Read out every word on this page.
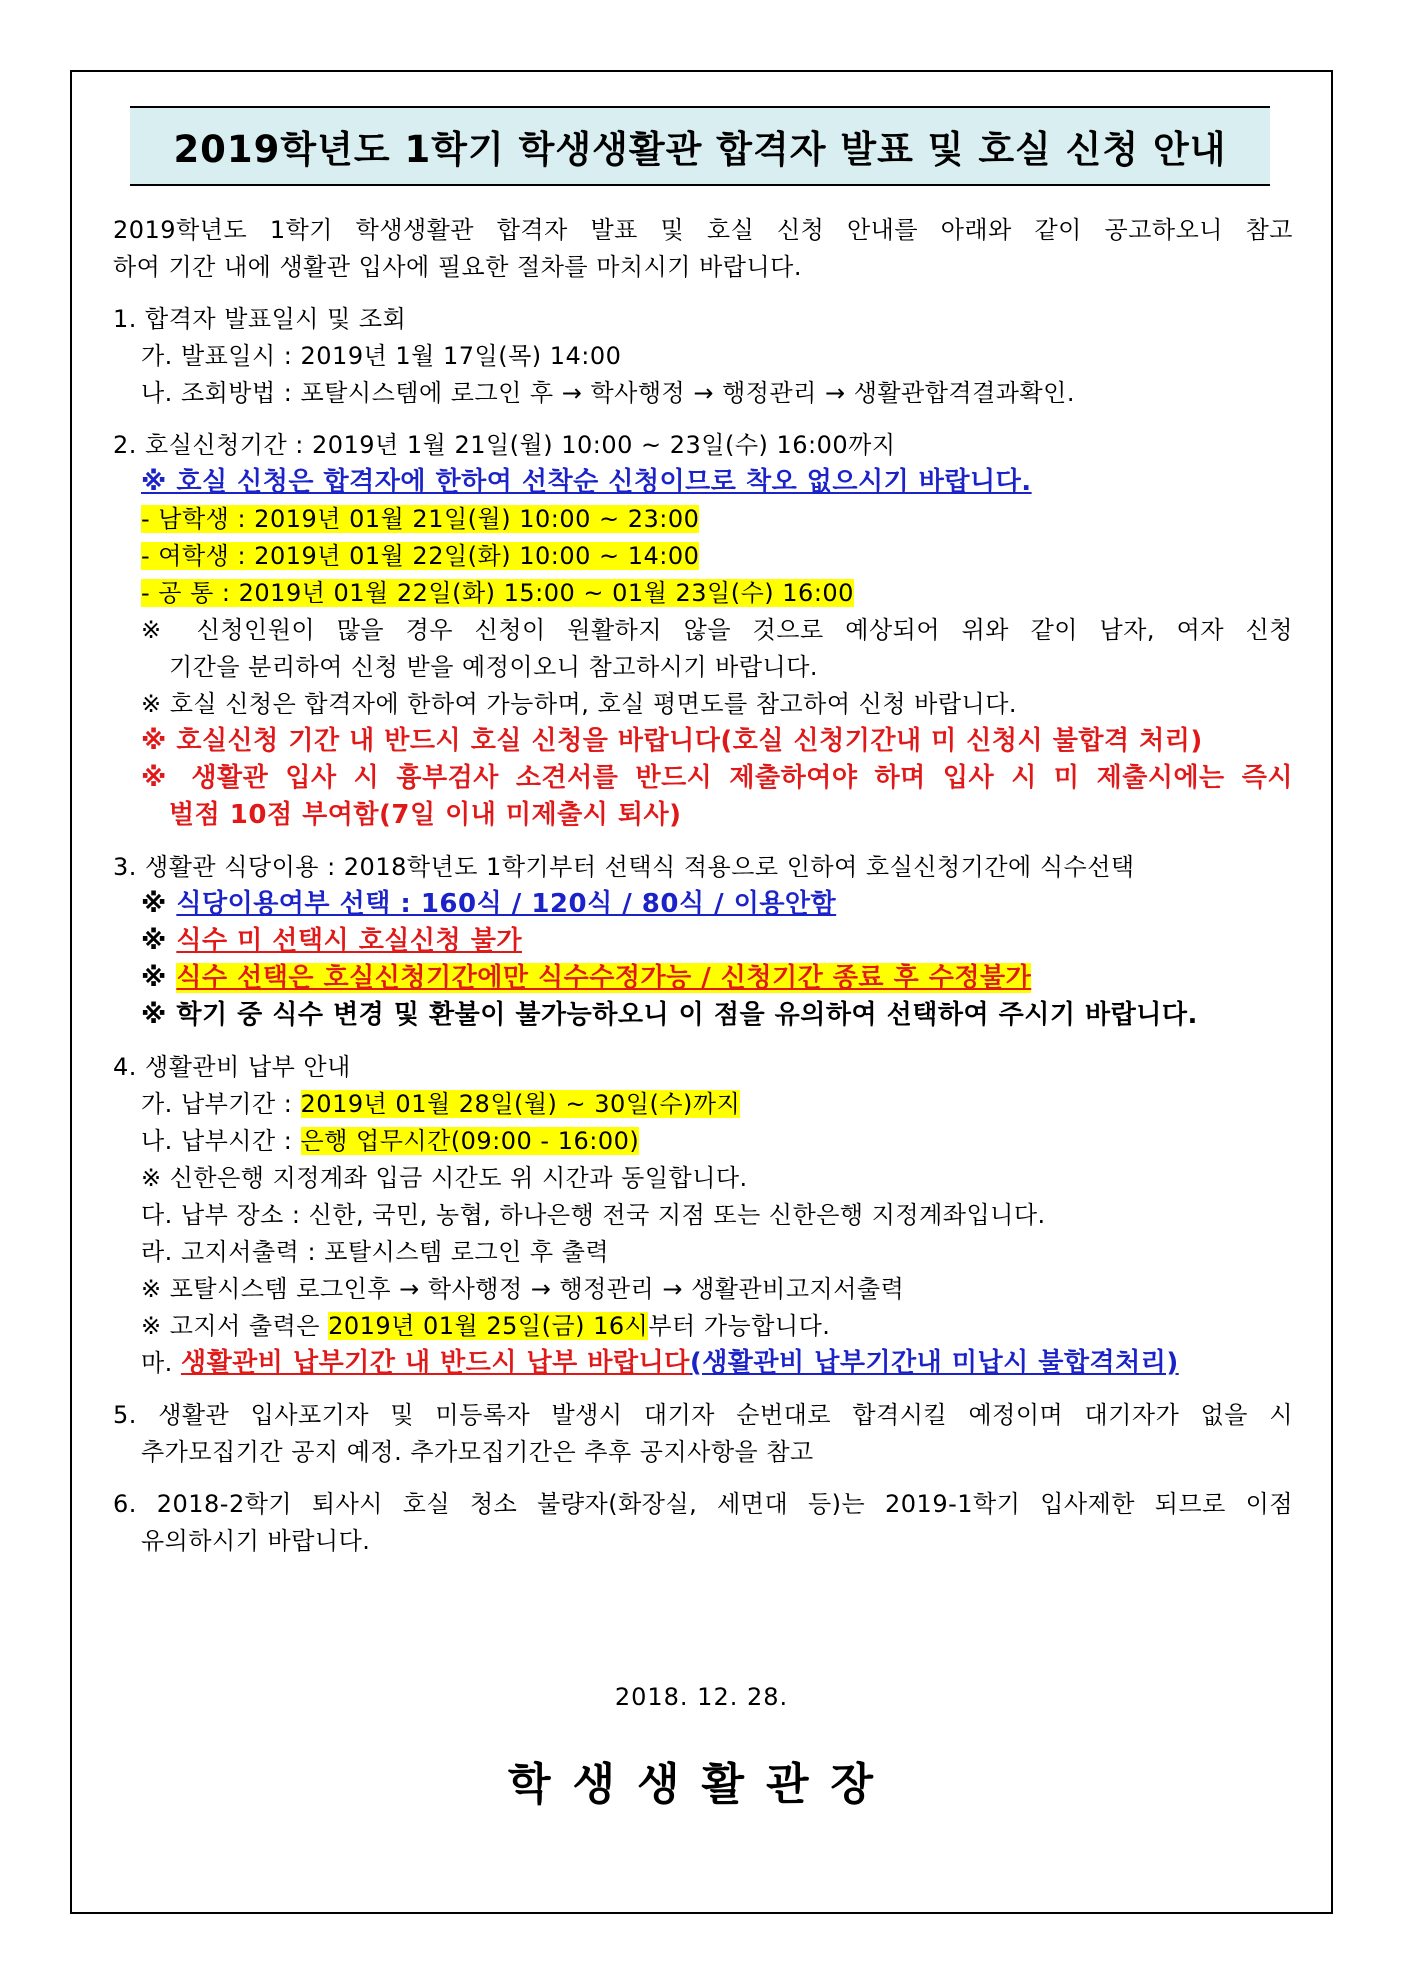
2019학년도 1학기 학생생활관 합격자 발표 및 호실 신청 안내
2019학년도 1학기 학생생활관 합격자 발표 및 호실 신청 안내를 아래와 같이 공고하오니 참고
하여 기간 내에 생활관 입사에 필요한 절차를 마치시기 바랍니다.
1. 합격자 발표일시 및 조회
가. 발표일시 : 2019년 1월 17일(목) 14:00
나. 조회방법 : 포탈시스템에 로그인 후 → 학사행정 → 행정관리 → 생활관합격결과확인.
2. 호실신청기간 : 2019년 1월 21일(월) 10:00 ~ 23일(수) 16:00까지
※ 호실 신청은 합격자에 한하여 선착순 신청이므로 착오 없으시기 바랍니다.
- 남학생 : 2019년 01월 21일(월) 10:00 ~ 23:00
- 여학생 : 2019년 01월 22일(화) 10:00 ~ 14:00
- 공 통 : 2019년 01월 22일(화) 15:00 ~ 01월 23일(수) 16:00
※ 신청인원이 많을 경우 신청이 원활하지 않을 것으로 예상되어 위와 같이 남자, 여자 신청
기간을 분리하여 신청 받을 예정이오니 참고하시기 바랍니다.
※ 호실 신청은 합격자에 한하여 가능하며, 호실 평면도를 참고하여 신청 바랍니다.
※ 호실신청 기간 내 반드시 호실 신청을 바랍니다(호실 신청기간내 미 신청시 불합격 처리)
※ 생활관 입사 시 흉부검사 소견서를 반드시 제출하여야 하며 입사 시 미 제출시에는 즉시
벌점 10점 부여함(7일 이내 미제출시 퇴사)
3. 생활관 식당이용 : 2018학년도 1학기부터 선택식 적용으로 인하여 호실신청기간에 식수선택
※ 식당이용여부 선택 : 160식 / 120식 / 80식 / 이용안함
※ 식수 미 선택시 호실신청 불가
※ 식수 선택은 호실신청기간에만 식수수정가능 / 신청기간 종료 후 수정불가
※ 학기 중 식수 변경 및 환불이 불가능하오니 이 점을 유의하여 선택하여 주시기 바랍니다.
4. 생활관비 납부 안내
가. 납부기간 : 2019년 01월 28일(월) ~ 30일(수)까지
나. 납부시간 : 은행 업무시간(09:00 - 16:00)
※ 신한은행 지정계좌 입금 시간도 위 시간과 동일합니다.
다. 납부 장소 : 신한, 국민, 농협, 하나은행 전국 지점 또는 신한은행 지정계좌입니다.
라. 고지서출력 : 포탈시스템 로그인 후 출력
※ 포탈시스템 로그인후 → 학사행정 → 행정관리 → 생활관비고지서출력
※ 고지서 출력은 2019년 01월 25일(금) 16시부터 가능합니다.
마. 생활관비 납부기간 내 반드시 납부 바랍니다(생활관비 납부기간내 미납시 불합격처리)
5. 생활관 입사포기자 및 미등록자 발생시 대기자 순번대로 합격시킬 예정이며 대기자가 없을 시
추가모집기간 공지 예정. 추가모집기간은 추후 공지사항을 참고
6. 2018-2학기 퇴사시 호실 청소 불량자(화장실, 세면대 등)는 2019-1학기 입사제한 되므로 이점
유의하시기 바랍니다.
2018. 12. 28.
학생생활관장
